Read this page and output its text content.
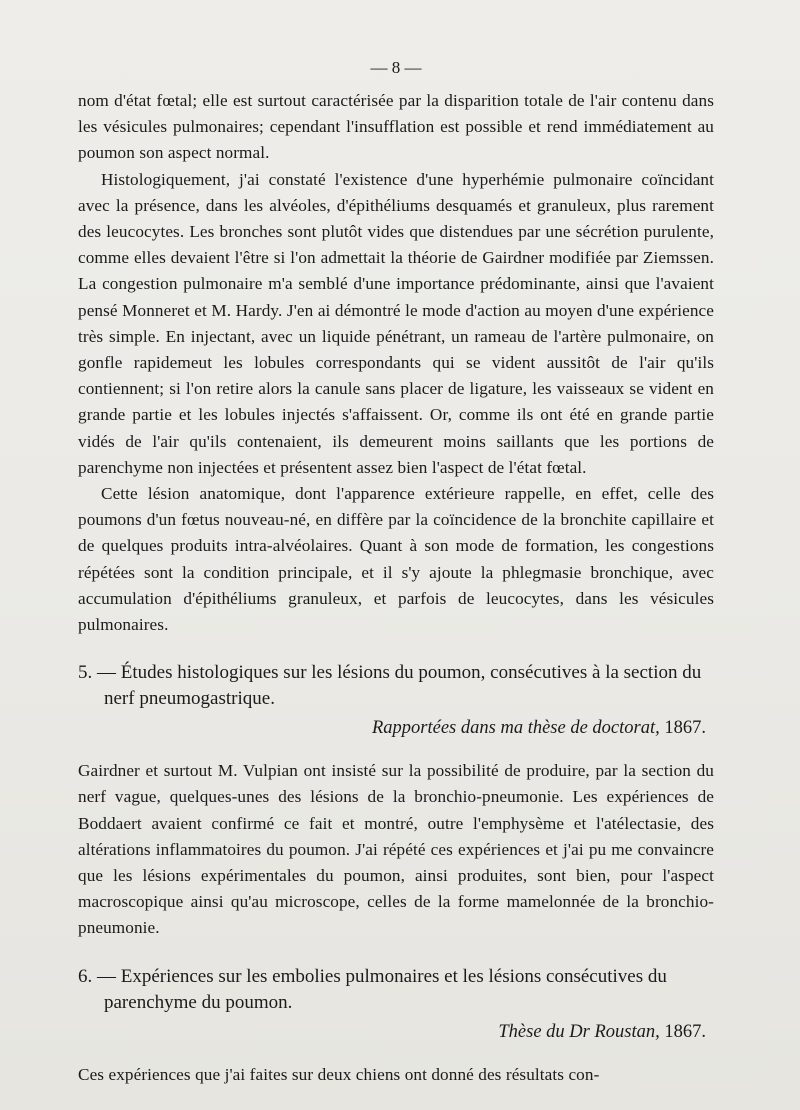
— 8 —

nom d'état fœtal; elle est surtout caractérisée par la disparition totale de l'air contenu dans les vésicules pulmonaires; cependant l'insufflation est possible et rend immédiatement au poumon son aspect normal.

Histologiquement, j'ai constaté l'existence d'une hyperhémie pulmonaire coïncidant avec la présence, dans les alvéoles, d'épithéliums desquamés et granuleux, plus rarement des leucocytes. Les bronches sont plutôt vides que distendues par une sécrétion purulente, comme elles devaient l'être si l'on admettait la théorie de Gairdner modifiée par Ziemssen. La congestion pulmonaire m'a semblé d'une importance prédominante, ainsi que l'avaient pensé Monneret et M. Hardy. J'en ai démontré le mode d'action au moyen d'une expérience très simple. En injectant, avec un liquide pénétrant, un rameau de l'artère pulmonaire, on gonfle rapidemeut les lobules correspondants qui se vident aussitôt de l'air qu'ils contiennent; si l'on retire alors la canule sans placer de ligature, les vaisseaux se vident en grande partie et les lobules injectés s'affaissent. Or, comme ils ont été en grande partie vidés de l'air qu'ils contenaient, ils demeurent moins saillants que les portions de parenchyme non injectées et présentent assez bien l'aspect de l'état fœtal.

Cette lésion anatomique, dont l'apparence extérieure rappelle, en effet, celle des poumons d'un fœtus nouveau-né, en diffère par la coïncidence de la bronchite capillaire et de quelques produits intra-alvéolaires. Quant à son mode de formation, les congestions répétées sont la condition principale, et il s'y ajoute la phlegmasie bronchique, avec accumulation d'épithéliums granuleux, et parfois de leucocytes, dans les vésicules pulmonaires.

5. — Études histologiques sur les lésions du poumon, consécutives à la section du nerf pneumogastrique.
Rapportées dans ma thèse de doctorat, 1867.

Gairdner et surtout M. Vulpian ont insisté sur la possibilité de produire, par la section du nerf vague, quelques-unes des lésions de la bronchio-pneumonie. Les expériences de Boddaert avaient confirmé ce fait et montré, outre l'emphysème et l'atélectasie, des altérations inflammatoires du poumon. J'ai répété ces expériences et j'ai pu me convaincre que les lésions expérimentales du poumon, ainsi produites, sont bien, pour l'aspect macroscopique ainsi qu'au microscope, celles de la forme mamelonnée de la bronchio-pneumonie.

6. — Expériences sur les embolies pulmonaires et les lésions consécutives du parenchyme du poumon.
Thèse du Dr Roustan, 1867.

Ces expériences que j'ai faites sur deux chiens ont donné des résultats con-
